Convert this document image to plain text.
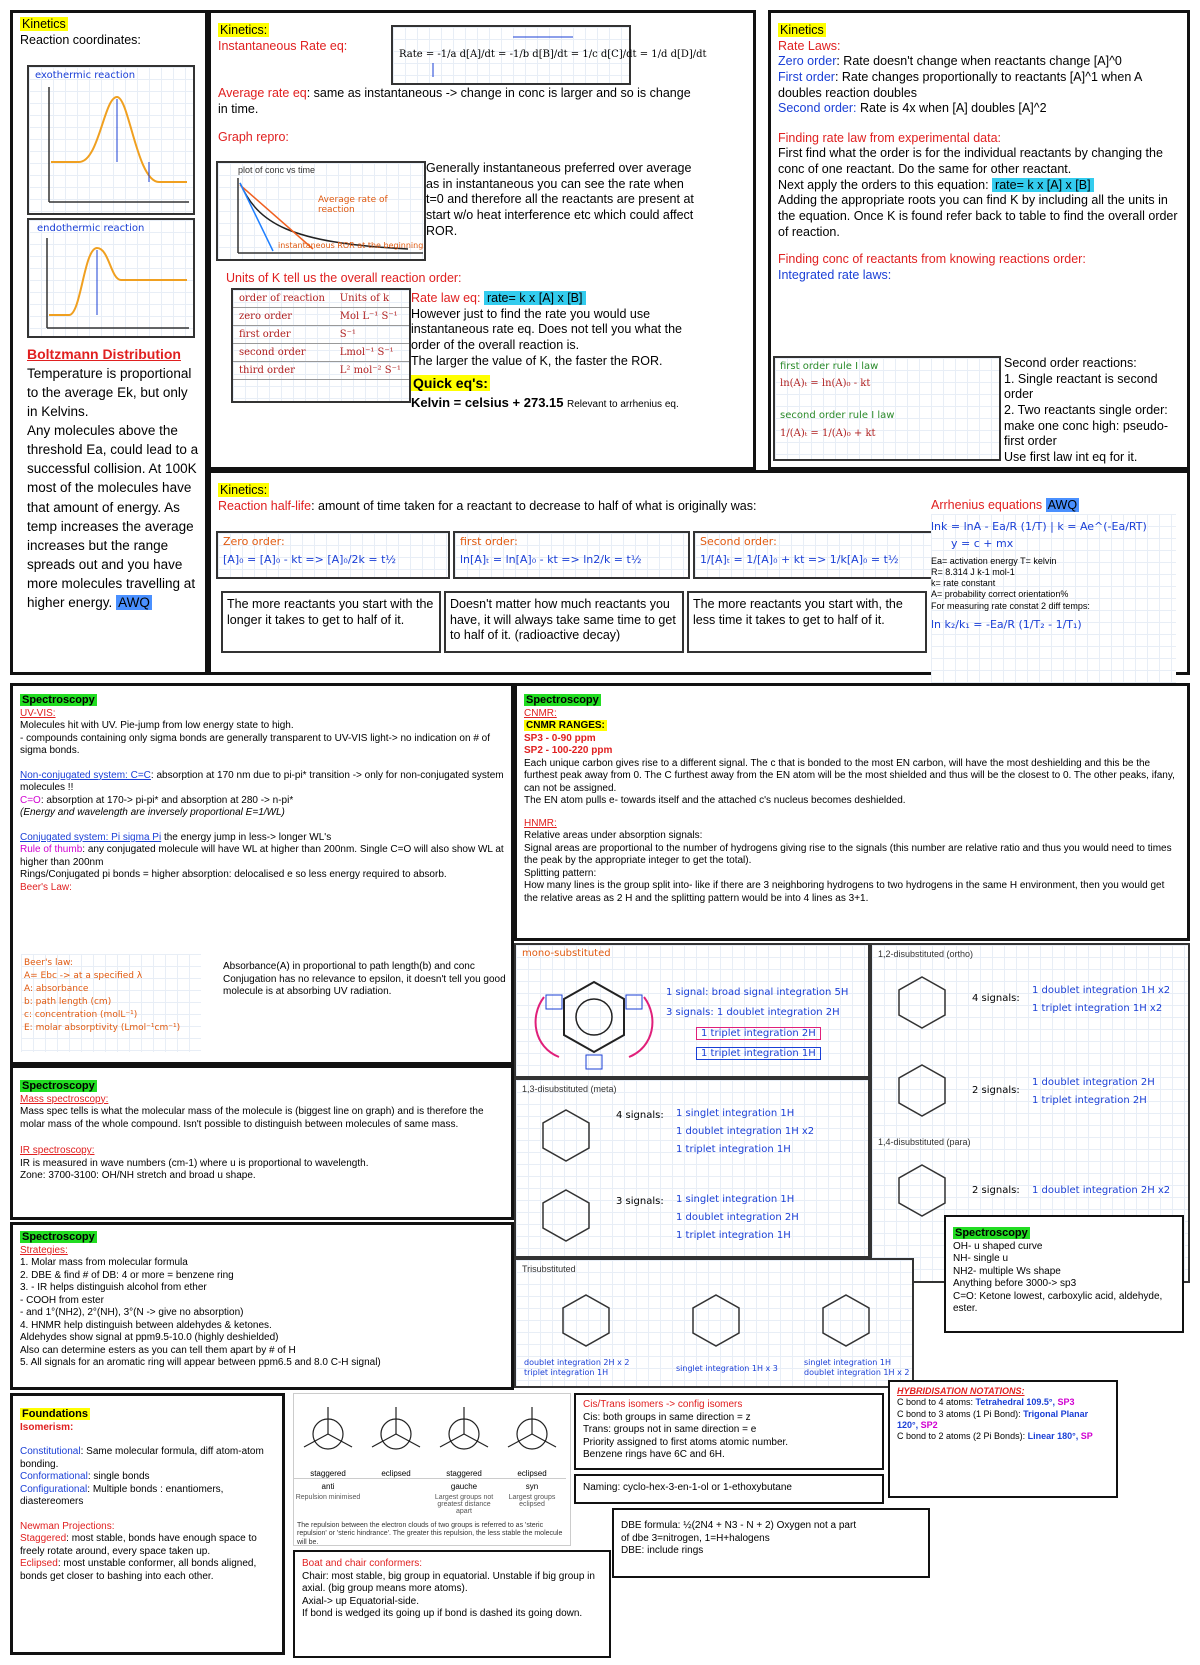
Kinetics
Reaction coordinates:
exothermic reaction
endothermic reaction
Boltzmann Distribution
Temperature is proportional to the average Ek, but only in Kelvins.
Any molecules above the threshold Ea, could lead to a successful collision. At 100K most of the molecules have that amount of energy. As temp increases the average increases but the range spreads out and you have more molecules travelling at higher energy. AWQ
Kinetics:
Instantaneous Rate eq:
Rate = -1/a d[A]/dt = -1/b d[B]/dt = 1/c d[C]/dt = 1/d d[D]/dt
Average rate eq: same as instantaneous -> change in conc is larger and so is change in time.
Graph repro:
plot of conc vs time
Average rate of reaction
instantaneous ROR at the beginning
Generally instantaneous preferred over average as in instantaneous you can see the rate when t=0 and therefore all the reactants are present at start w/o heat interference etc which could affect ROR.
Units of K tell us the overall reaction order:
order of reaction	Units of k
zero order	Mol L⁻¹ S⁻¹
first order	S⁻¹
second order	Lmol⁻¹ S⁻¹
third order	L² mol⁻² S⁻¹
Rate law eq: rate= k x [A] x [B]
However just to find the rate you would use instantaneous rate eq. Does not tell you what the order of the overall reaction is.
The larger the value of K, the faster the ROR.
Quick eq's:
Kelvin = celsius + 273.15 Relevant to arrhenius eq.
Kinetics
Rate Laws:
Zero order: Rate doesn't change when reactants change [A]^0
First order: Rate changes proportionally to reactants [A]^1 when A doubles reaction doubles
Second order: Rate is 4x when [A] doubles [A]^2
Finding rate law from experimental data:
First find what the order is for the individual reactants by changing the conc of one reactant. Do the same for other reactant.
Next apply the orders to this equation: rate= k x [A] x [B]
Adding the appropriate roots you can find K by including all the units in the equation. Once K is found refer back to table to find the overall order of reaction.
Finding conc of reactants from knowing reactions order:
Integrated rate laws:
first order rule I law
ln(A)ₜ = ln(A)₀ - kt
second order rule I law
1/(A)ₜ = 1/(A)₀ + kt
Second order reactions:
1. Single reactant is second order
2. Two reactants single order: make one conc high: pseudo-first order
Use first law int eq for it.
Kinetics:
Reaction half-life: amount of time taken for a reactant to decrease to half of what is originally was:
Zero order:
[A]₀ = [A]₀ - kt => [A]₀/2k = t½
first order:
ln[A]ₜ = ln[A]₀ - kt => ln2/k = t½
Second order:
1/[A]ₜ = 1/[A]₀ + kt => 1/k[A]₀ = t½
The more reactants you start with the longer it takes to get to half of it.
Doesn't matter how much reactants you have, it will always take same time to get to half of it. (radioactive decay)
The more reactants you start with, the less time it takes to get to half of it.
Arrhenius equations AWQ
lnk = lnA - Ea/R (1/T) | k = Ae^(-Ea/RT)
y = c + mx
Ea= activation energy T= kelvin
R= 8.314 J k-1 mol-1
k= rate constant
A= probability correct orientation%
For measuring rate constat 2 diff temps:
ln k₂/k₁ = -Ea/R (1/T₂ - 1/T₁)
Spectroscopy
UV-VIS:
Molecules hit with UV. Pie-jump from low energy state to high.
- compounds containing only sigma bonds are generally transparent to UV-VIS light-> no indication on # of sigma bonds.
Non-conjugated system: C=C: absorption at 170 nm due to pi-pi* transition -> only for non-conjugated system molecules !!
C=O: absorption at 170-> pi-pi* and absorption at 280 -> n-pi*
(Energy and wavelength are inversely proportional E=1/WL)
Conjugated system: Pi sigma Pi the energy jump in less-> longer WL's
Rule of thumb: any conjugated molecule will have WL at higher than 200nm. Single C=O will also show WL at higher than 200nm
Rings/Conjugated pi bonds = higher absorption: delocalised e so less energy required to absorb.
Beer's Law:
Beer's law:
A= Ebc -> at a specified λ
A: absorbance
b: path length (cm)
c: concentration (molL⁻¹)
E: molar absorptivity (Lmol⁻¹cm⁻¹)
Absorbance(A) in proportional to path length(b) and conc
Conjugation has no relevance to epsilon, it doesn't tell you good molecule is at absorbing UV radiation.
Spectroscopy
Mass spectroscopy:
Mass spec tells is what the molecular mass of the molecule is (biggest line on graph) and is therefore the molar mass of the whole compound. Isn't possible to distinguish between molecules of same mass.
IR spectroscopy:
IR is measured in wave numbers (cm-1) where u is proportional to wavelength.
Zone: 3700-3100: OH/NH stretch and broad u shape.
Spectroscopy
Strategies:
1. Molar mass from molecular formula
2. DBE & find # of DB: 4 or more = benzene ring
3. - IR helps distinguish alcohol from ether
- COOH from ester
- and 1°(NH2), 2°(NH), 3°(N -> give no absorption)
4. HNMR help distinguish between aldehydes & ketones.
Aldehydes show signal at ppm9.5-10.0 (highly deshielded)
Also can determine esters as you can tell them apart by # of H
5. All signals for an aromatic ring will appear between ppm6.5 and 8.0 C-H signal)
Spectroscopy
CNMR:
CNMR RANGES:
SP3 - 0-90 ppm
SP2 - 100-220 ppm
Each unique carbon gives rise to a different signal. The c that is bonded to the most EN carbon, will have the most deshielding and this be the furthest peak away from 0. The C furthest away from the EN atom will be the most shielded and thus will be the closest to 0. The other peaks, ifany, can not be assigned.
The EN atom pulls e- towards itself and the attached c's nucleus becomes deshielded.
HNMR:
Relative areas under absorption signals:
Signal areas are proportional to the number of hydrogens giving rise to the signals (this number are relative ratio and thus you would need to times the peak by the appropriate integer to get the total).
Splitting pattern:
How many lines is the group split into- like if there are 3 neighboring hydrogens to two hydrogens in the same H environment, then you would get the relative areas as 2 H and the splitting pattern would be into 4 lines as 3+1.
mono-substituted
1 signal: broad signal integration 5H
3 signals: 1 doublet integration 2H
1 triplet integration 2H
1 triplet integration 1H
1,2-disubstituted (ortho)
4 signals:
1 doublet integration 1H x2
1 triplet integration 1H x2
2 signals:
1 doublet integration 2H
1 triplet integration 2H
1,4-disubstituted (para)
2 signals: 1 doublet integration 2H x2
1,3-disubstituted (meta)
4 signals: 1 singlet integration 1H
1 doublet integration 1H x2
1 triplet integration 1H
3 signals: 1 singlet integration 1H
1 doublet integration 2H
1 triplet integration 1H
Trisubstituted
doublet integration 2H x 2
triplet integration 1H	singlet integration 1H x 3
singlet integration 1H
doublet integration 1H x 2
Spectroscopy
OH- u shaped curve
NH- single u
NH2- multiple Ws shape
Anything before 3000-> sp3
C=O: Ketone lowest, carboxylic acid, aldehyde, ester.
Foundations
Isomerism:
Constitutional: Same molecular formula, diff atom-atom bonding.
Conformational: single bonds
Configurational: Multiple bonds : enantiomers, diastereomers
Newman Projections:
Staggered: most stable, bonds have enough space to freely rotate around, every space taken up.
Eclipsed: most unstable conformer, all bonds aligned, bonds get closer to bashing into each other.
staggered	eclipsed	staggered	eclipsed
anti	gauche	syn
Repulsion minimised	Largest groups not greatest distance apart
Largest groups eclipsed
The repulsion between the electron clouds of two groups is referred to as 'steric repulsion' or 'steric hindrance'. The greater this repulsion, the less stable the molecule will be.
Cis/Trans isomers -> config isomers
Cis: both groups in same direction = z
Trans: groups not in same direction = e
Priority assigned to first atoms atomic number.
Benzene rings have 6C and 6H.
Naming: cyclo-hex-3-en-1-ol or 1-ethoxybutane
HYBRIDISATION NOTATIONS:
C bond to 4 atoms: Tetrahedral 109.5°, SP3
C bond to 3 atoms (1 Pi Bond): Trigonal Planar 120°, SP2
C bond to 2 atoms (2 Pi Bonds): Linear 180°, SP
DBE formula: ½(2N4 + N3 - N + 2) Oxygen not a part
of dbe 3=nitrogen, 1=H+halogens
DBE: include rings
Boat and chair conformers:
Chair: most stable, big group in equatorial. Unstable if big group in axial. (big group means more atoms).
Axial-> up Equatorial-side.
If bond is wedged its going up if bond is dashed its going down.
